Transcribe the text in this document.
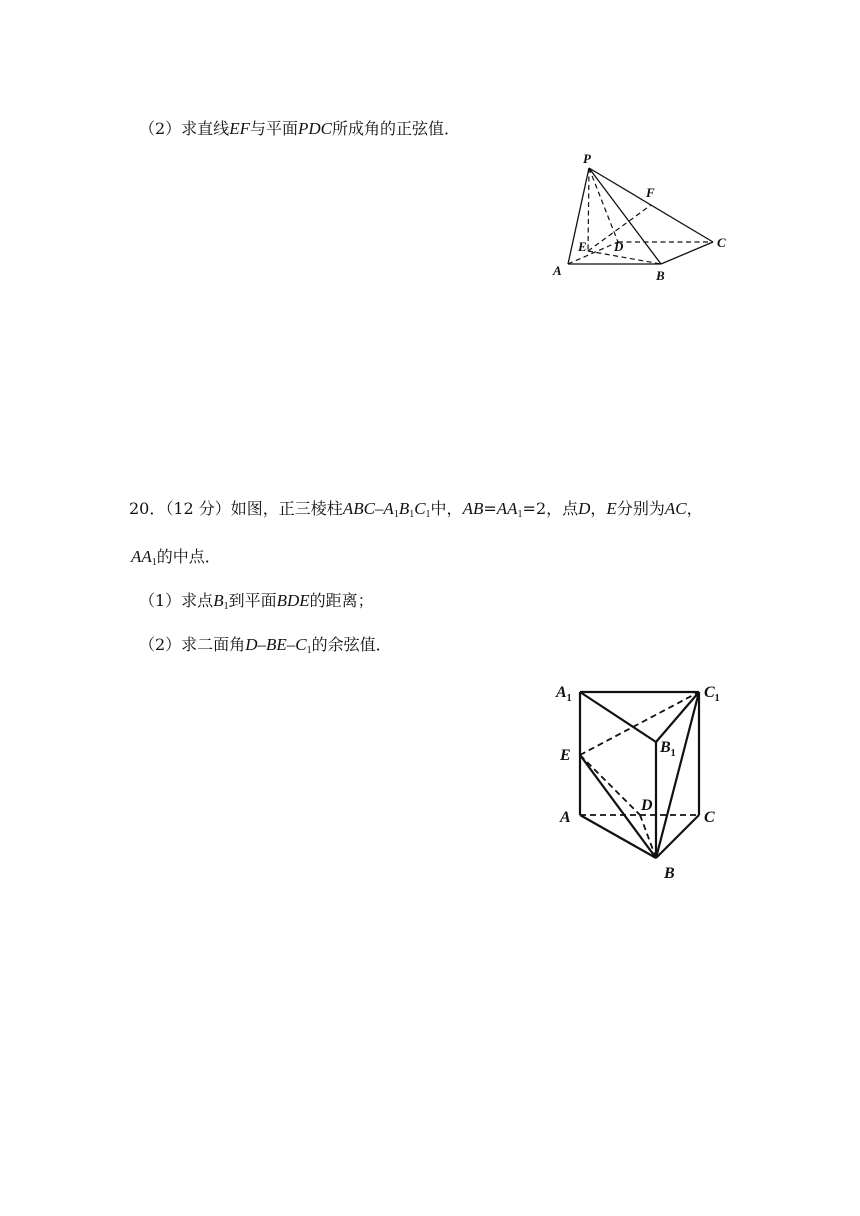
（2）求直线EF与平面PDC所成角的正弦值．
P
F
C
E D
A	B
20．（12 分）如图，正三棱柱ABC–$A_1B_1C_1$中，$AB=AA_1=2$，点D，E分别为AC，
$AA_1$的中点．
（1）求点$B_1$到平面BDE的距离；
（2）求二面角$D-BE-C_1$的余弦值．
$A_1$	$C_1$
E	$B_1$
D
A	C
B
